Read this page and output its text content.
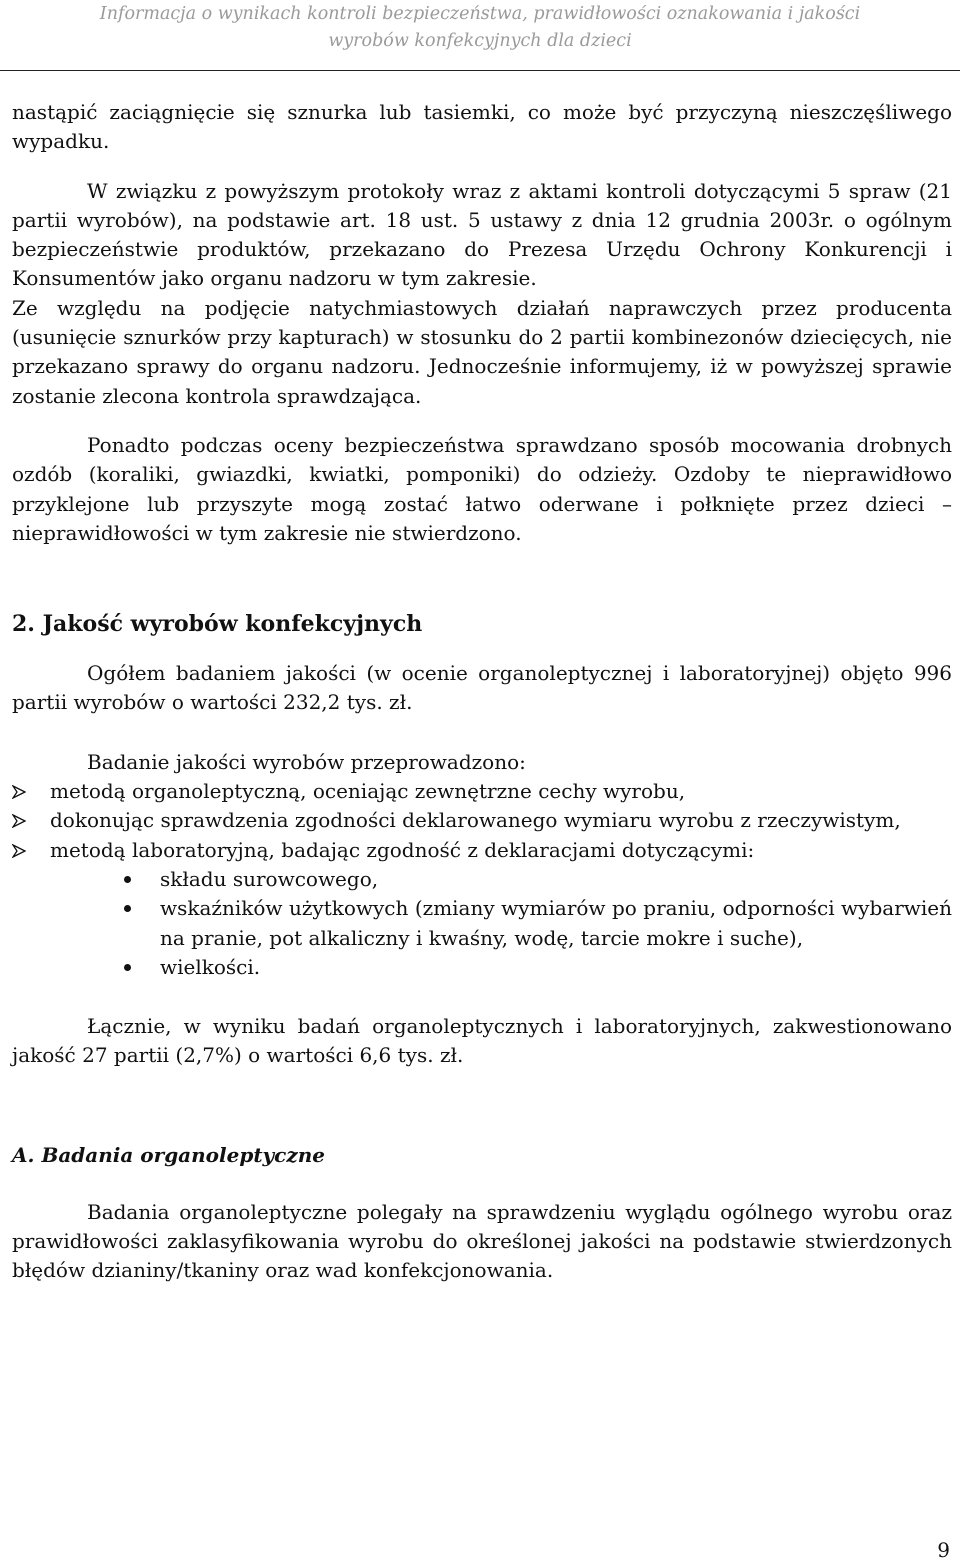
Informacja o wynikach kontroli bezpieczeństwa, prawidłowości oznakowania i jakości
wyrobów konfekcyjnych dla dzieci

nastąpić zaciągnięcie się sznurka lub tasiemki, co może być przyczyną nieszczęśliwego wypadku.

W związku z powyższym protokoły wraz z aktami kontroli dotyczącymi 5 spraw (21 partii wyrobów), na podstawie art. 18 ust. 5 ustawy z dnia 12 grudnia 2003r. o ogólnym bezpieczeństwie produktów, przekazano do Prezesa Urzędu Ochrony Konkurencji i Konsumentów jako organu nadzoru w tym zakresie.

Ze względu na podjęcie natychmiastowych działań naprawczych przez producenta (usunięcie sznurków przy kapturach) w stosunku do 2 partii kombinezonów dziecięcych, nie przekazano sprawy do organu nadzoru. Jednocześnie informujemy, iż w powyższej sprawie zostanie zlecona kontrola sprawdzająca.

Ponadto podczas oceny bezpieczeństwa sprawdzano sposób mocowania drobnych ozdób (koraliki, gwiazdki, kwiatki, pomponiki) do odzieży. Ozdoby te nieprawidłowo przyklejone lub przyszyte mogą zostać łatwo oderwane i połknięte przez dzieci – nieprawidłowości w tym zakresie nie stwierdzono.

2. Jakość wyrobów konfekcyjnych

Ogółem badaniem jakości (w ocenie organoleptycznej i laboratoryjnej) objęto 996 partii wyrobów o wartości 232,2 tys. zł.

Badanie jakości wyrobów przeprowadzono:

metodą organoleptyczną, oceniając zewnętrzne cechy wyrobu,
dokonując sprawdzenia zgodności deklarowanego wymiaru wyrobu z rzeczywistym,
metodą laboratoryjną, badając zgodność z deklaracjami dotyczącymi:
składu surowcowego,
wskaźników użytkowych (zmiany wymiarów po praniu, odporności wybarwień na pranie, pot alkaliczny i kwaśny, wodę, tarcie mokre i suche),
wielkości.

Łącznie, w wyniku badań organoleptycznych i laboratoryjnych, zakwestionowano jakość 27 partii (2,7%) o wartości 6,6 tys. zł.

A. Badania organoleptyczne

Badania organoleptyczne polegały na sprawdzeniu wyglądu ogólnego wyrobu oraz prawidłowości zaklasyfikowania wyrobu do określonej jakości na podstawie stwierdzonych błędów dzianiny/tkaniny oraz wad konfekcjonowania.

9
